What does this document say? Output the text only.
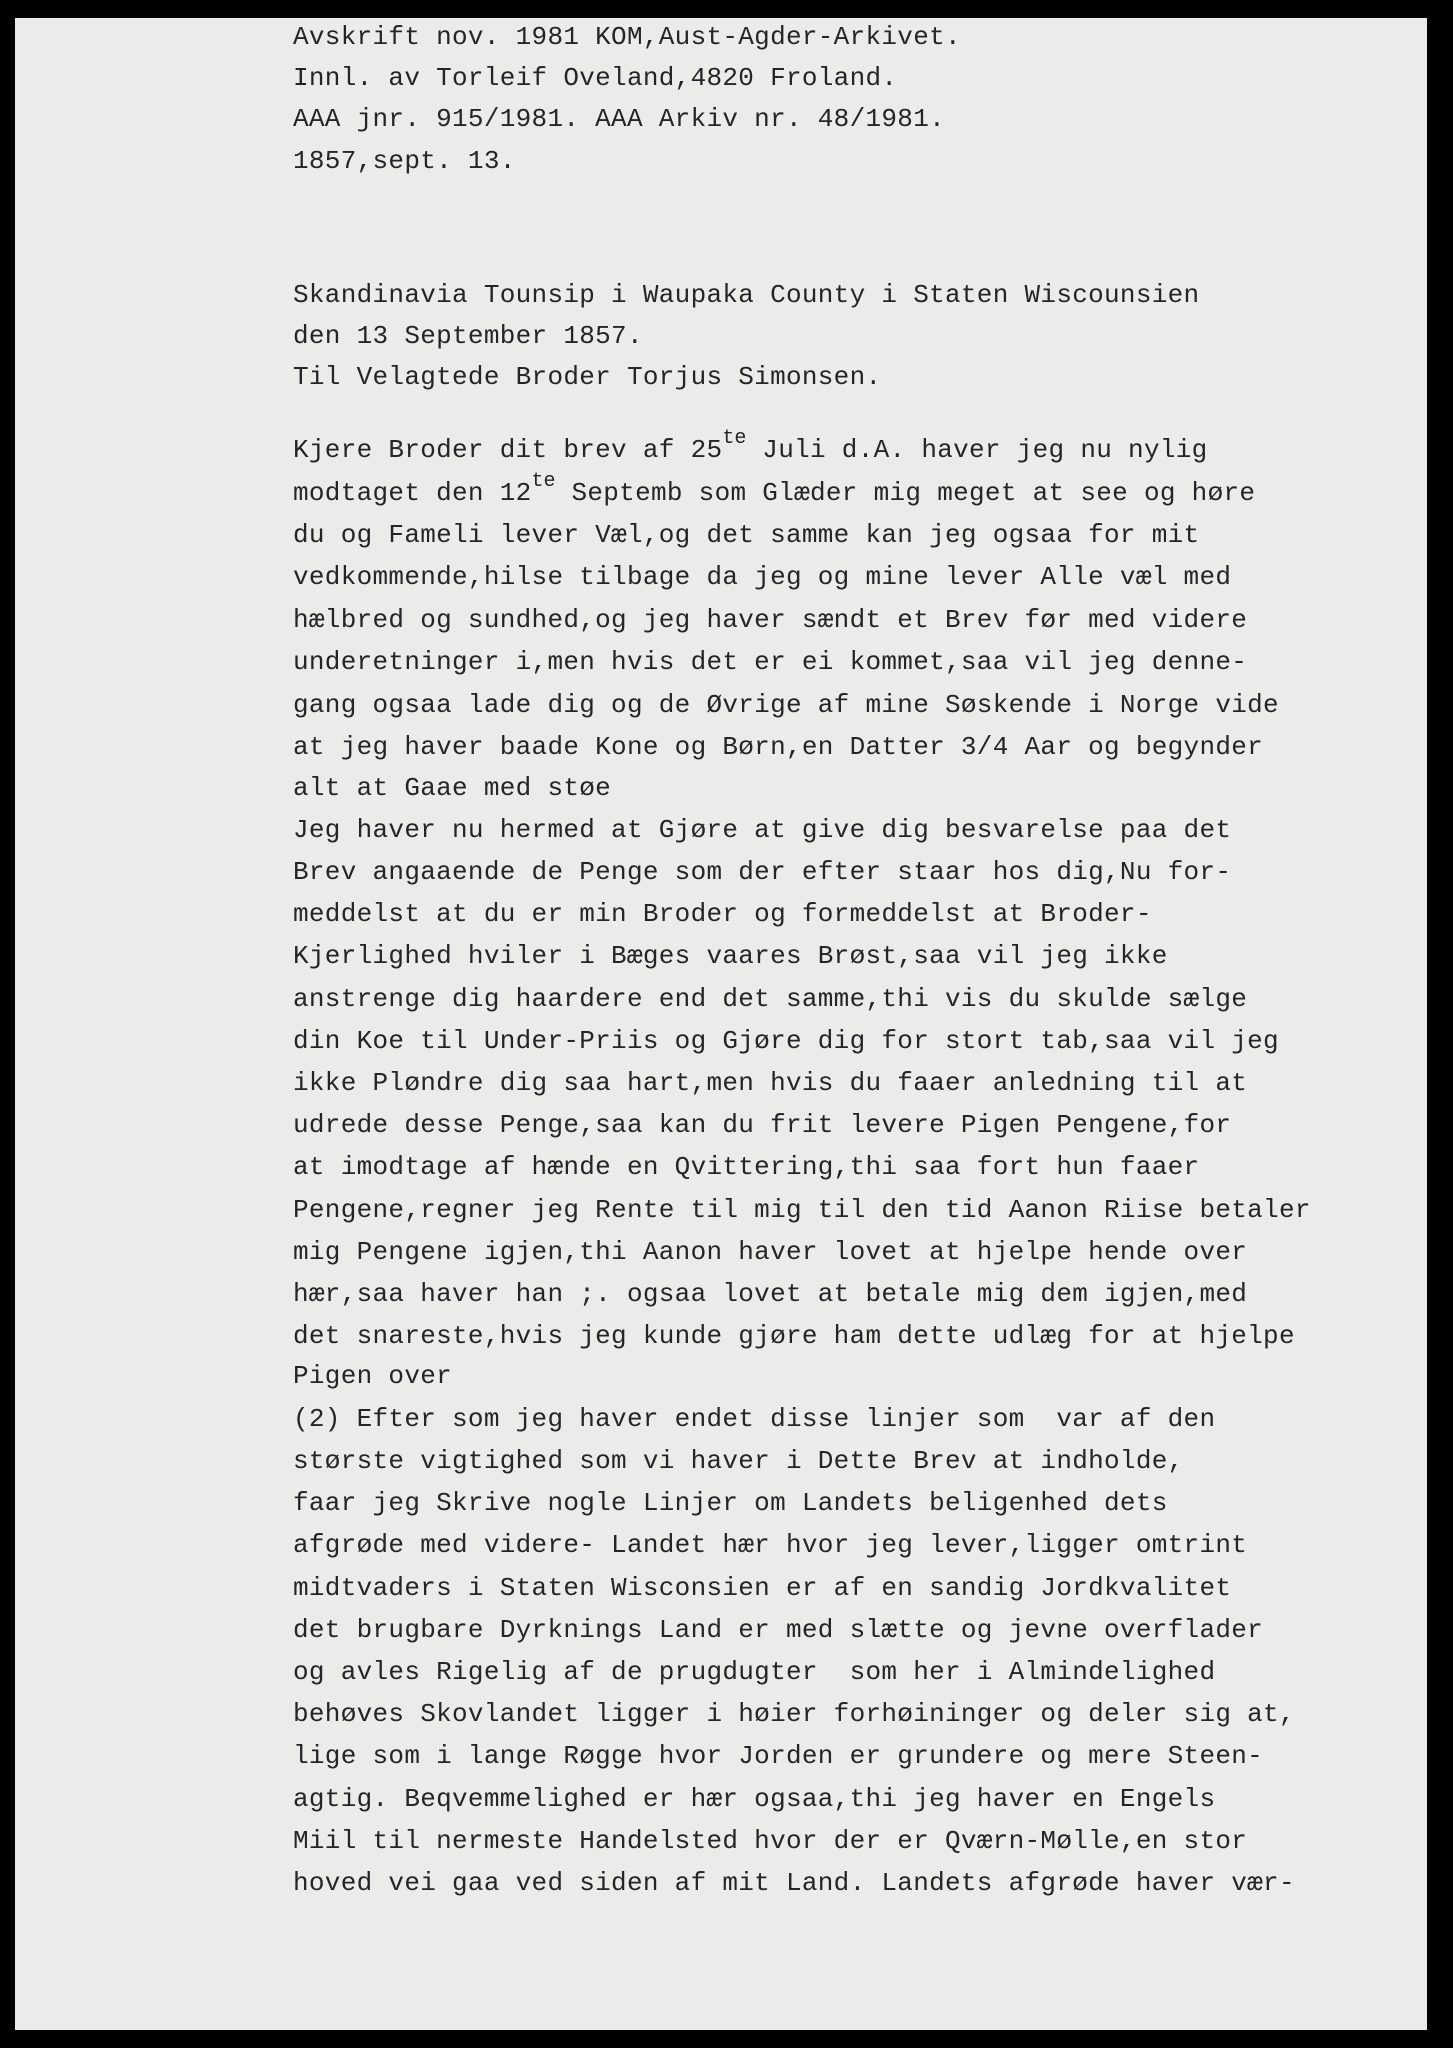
Avskrift nov. 1981 KOM,Aust-Agder-Arkivet.
Innl. av Torleif Oveland,4820 Froland.
AAA jnr. 915/1981. AAA Arkiv nr. 48/1981.
1857,sept. 13.
Skandinavia Tounsip i Waupaka County i Staten Wiscounsien
den 13 September 1857.
Til Velagtede Broder Torjus Simonsen.
Kjere Broder dit brev af $25^{te}$ Juli d.A. haver jeg nu nylig
modtaget den $12^{te}$ Septemb som Glæder mig meget at see og høre
du og Fameli lever Væl,og det samme kan jeg ogsaa for mit
vedkommende,hilse tilbage da jeg og mine lever Alle væl med
hælbred og sundhed,og jeg haver sændt et Brev før med videre
underetninger i,men hvis det er ei kommet,saa vil jeg denne-
gang ogsaa lade dig og de Øvrige af mine Søskende i Norge vide
at jeg haver baade Kone og Børn,en Datter 3/4 Aar og begynder
alt at Gaae med støe
Jeg haver nu hermed at Gjøre at give dig besvarelse paa det
Brev angaaende de Penge som der efter staar hos dig,Nu for-
meddelst at du er min Broder og formeddelst at Broder-
Kjerlighed hviler i Bæges vaares Brøst,saa vil jeg ikke
anstrenge dig haardere end det samme,thi vis du skulde sælge
din Koe til Under-Priis og Gjøre dig for stort tab,saa vil jeg
ikke Pløndre dig saa hart,men hvis du faaer anledning til at
udrede desse Penge,saa kan du frit levere Pigen Pengene,for
at imodtage af hænde en Qvittering,thi saa fort hun faaer
Pengene,regner jeg Rente til mig til den tid Aanon Riise betaler
mig Pengene igjen,thi Aanon haver lovet at hjelpe hende over
hær,saa haver han ;. ogsaa lovet at betale mig dem igjen,med
det snareste,hvis jeg kunde gjøre ham dette udlæg for at hjelpe
Pigen over
(2) Efter som jeg haver endet disse linjer som  var af den
største vigtighed som vi haver i Dette Brev at indholde,
faar jeg Skrive nogle Linjer om Landets beligenhed dets
afgrøde med videre- Landet hær hvor jeg lever,ligger omtrint
midtvaders i Staten Wisconsien er af en sandig Jordkvalitet
det brugbare Dyrknings Land er med slætte og jevne overflader
og avles Rigelig af de prugdugter  som her i Almindelighed
behøves Skovlandet ligger i høier forhøininger og deler sig at,
lige som i lange Røgge hvor Jorden er grundere og mere Steen-
agtig. Beqvemmelighed er hær ogsaa,thi jeg haver en Engels
Miil til nermeste Handelsted hvor der er Qværn-Mølle,en stor
hoved vei gaa ved siden af mit Land. Landets afgrøde haver vær-
